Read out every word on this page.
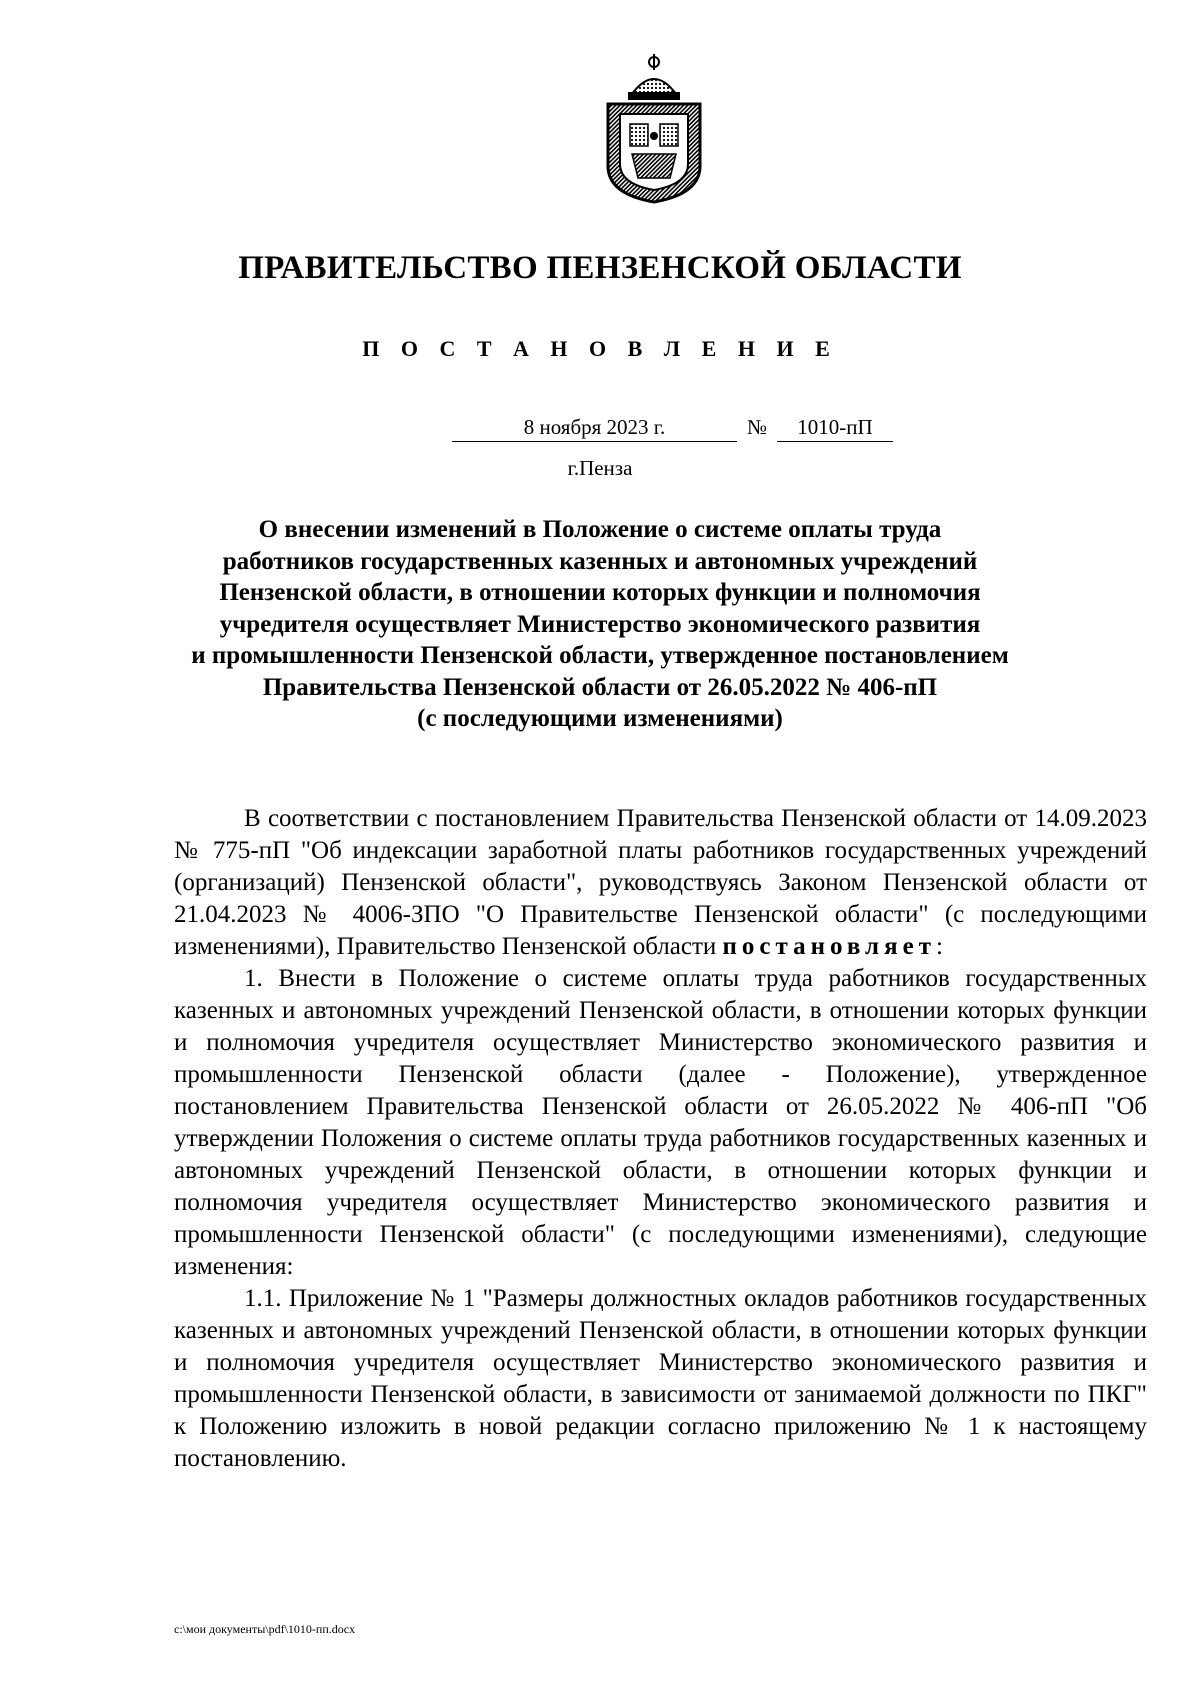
ПРАВИТЕЛЬСТВО ПЕНЗЕНСКОЙ ОБЛАСТИ
П О С Т А Н О В Л Е Н И Е
8 ноября 2023 г.	№	1010-пП
г.Пенза
О внесении изменений в Положение о системе оплаты труда
работников государственных казенных и автономных учреждений
Пензенской области, в отношении которых функции и полномочия
учредителя осуществляет Министерство экономического развития
и промышленности Пензенской области, утвержденное постановлением
Правительства Пензенской области от 26.05.2022 № 406-пП
(с последующими изменениями)

В соответствии с постановлением Правительства Пензенской области от 14.09.2023 № 775-пП "Об индексации заработной платы работников государственных учреждений (организаций) Пензенской области", руководствуясь Законом Пензенской области от 21.04.2023 № 4006-ЗПО "О Правительстве Пензенской области" (с последующими изменениями), Правительство Пензенской области постановляет:

1. Внести в Положение о системе оплаты труда работников государственных казенных и автономных учреждений Пензенской области, в отношении которых функции и полномочия учредителя осуществляет Министерство экономического развития и промышленности Пензенской области (далее - Положение), утвержденное постановлением Правительства Пензенской области от 26.05.2022 № 406-пП "Об утверждении Положения о системе оплаты труда работников государственных казенных и автономных учреждений Пензенской области, в отношении которых функции и полномочия учредителя осуществляет Министерство экономического развития и промышленности Пензенской области" (с последующими изменениями), следующие изменения:

1.1. Приложение № 1 "Размеры должностных окладов работников государственных казенных и автономных учреждений Пензенской области, в отношении которых функции и полномочия учредителя осуществляет Министерство экономического развития и промышленности Пензенской области, в зависимости от занимаемой должности по ПКГ" к Положению изложить в новой редакции согласно приложению № 1 к настоящему постановлению.

c:\мои документы\pdf\1010-пп.docx
